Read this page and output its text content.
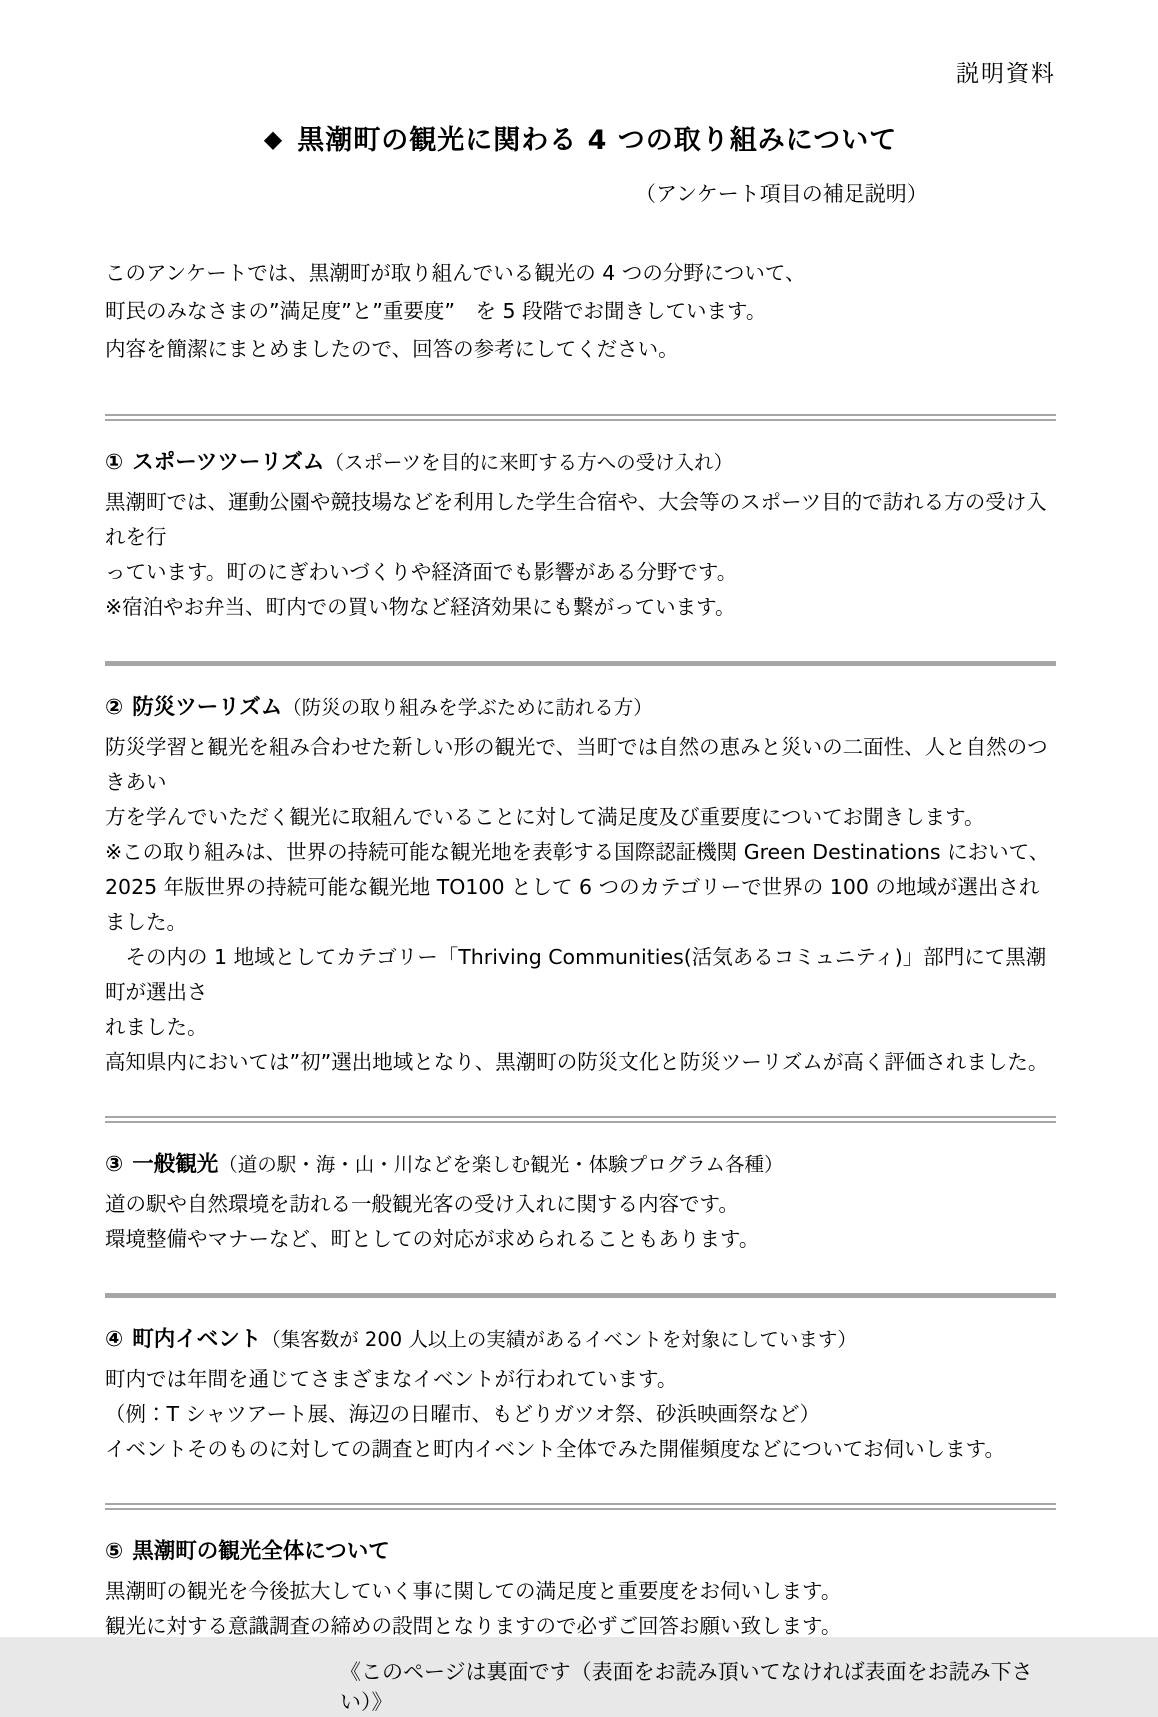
説明資料
◆ 黒潮町の観光に関わる 4 つの取り組みについて
（アンケート項目の補足説明）
このアンケートでは、黒潮町が取り組んでいる観光の 4 つの分野について、
町民のみなさまの”満足度”と”重要度”　を 5 段階でお聞きしています。
内容を簡潔にまとめましたので、回答の参考にしてください。
① スポーツツーリズム（スポーツを目的に来町する方への受け入れ）
黒潮町では、運動公園や競技場などを利用した学生合宿や、大会等のスポーツ目的で訪れる方の受け入れを行
っています。町のにぎわいづくりや経済面でも影響がある分野です。
※宿泊やお弁当、町内での買い物など経済効果にも繋がっています。
② 防災ツーリズム（防災の取り組みを学ぶために訪れる方）
防災学習と観光を組み合わせた新しい形の観光で、当町では自然の恵みと災いの二面性、人と自然のつきあい
方を学んでいただく観光に取組んでいることに対して満足度及び重要度についてお聞きします。
※この取り組みは、世界の持続可能な観光地を表彰する国際認証機関 Green Destinations において、
2025 年版世界の持続可能な観光地 TO100 として 6 つのカテゴリーで世界の 100 の地域が選出されました。
　その内の 1 地域としてカテゴリー「Thriving Communities(活気あるコミュニティ)」部門にて黒潮町が選出さ
れました。
高知県内においては”初”選出地域となり、黒潮町の防災文化と防災ツーリズムが高く評価されました。
③ 一般観光（道の駅・海・山・川などを楽しむ観光・体験プログラム各種）
道の駅や自然環境を訪れる一般観光客の受け入れに関する内容です。
環境整備やマナーなど、町としての対応が求められることもあります。
④ 町内イベント（集客数が 200 人以上の実績があるイベントを対象にしています）
町内では年間を通じてさまざまなイベントが行われています。
（例：T シャツアート展、海辺の日曜市、もどりガツオ祭、砂浜映画祭など）
イベントそのものに対しての調査と町内イベント全体でみた開催頻度などについてお伺いします。
⑤ 黒潮町の観光全体について
黒潮町の観光を今後拡大していく事に関しての満足度と重要度をお伺いします。
観光に対する意識調査の締めの設問となりますので必ずご回答お願い致します。
《このページは裏面です（表面をお読み頂いてなければ表面をお読み下さい）》
